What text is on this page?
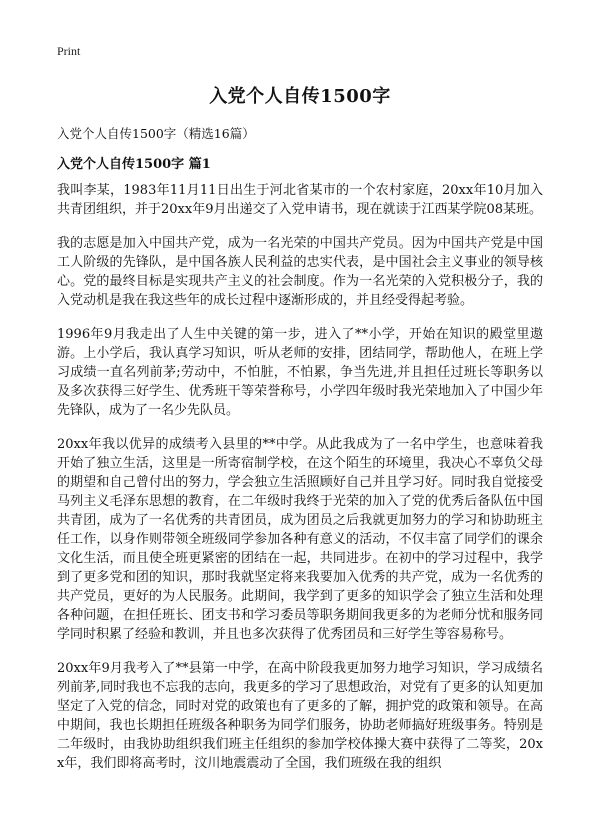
Print
入党个人自传1500字
入党个人自传1500字（精选16篇）
入党个人自传1500字 篇1

我叫李某，1983年11月11日出生于河北省某市的一个农村家庭，20xx年10月加入共青团组织，并于20xx年9月出递交了入党申请书，现在就读于江西某学院08某班。

我的志愿是加入中国共产党，成为一名光荣的中国共产党员。因为中国共产党是中国工人阶级的先锋队，是中国各族人民利益的忠实代表，是中国社会主义事业的领导核心。党的最终目标是实现共产主义的社会制度。作为一名光荣的入党积极分子，我的入党动机是我在我这些年的成长过程中逐渐形成的，并且经受得起考验。

1996年9月我走出了人生中关键的第一步，进入了**小学，开始在知识的殿堂里遨游。上小学后，我认真学习知识，听从老师的安排，团结同学，帮助他人，在班上学习成绩一直名列前茅;劳动中，不怕脏，不怕累，争当先进,并且担任过班长等职务以及多次获得三好学生、优秀班干等荣誉称号，小学四年级时我光荣地加入了中国少年先锋队，成为了一名少先队员。

20xx年我以优异的成绩考入县里的**中学。从此我成为了一名中学生，也意味着我开始了独立生活，这里是一所寄宿制学校，在这个陌生的环境里，我决心不辜负父母的期望和自己曾付出的努力，学会独立生活照顾好自己并且学习好。同时我自觉接受马列主义毛泽东思想的教育，在二年级时我终于光荣的加入了党的优秀后备队伍中国共青团，成为了一名优秀的共青团员，成为团员之后我就更加努力的学习和协助班主任工作，以身作则带领全班级同学参加各种有意义的活动，不仅丰富了同学们的课余文化生活，而且使全班更紧密的团结在一起，共同进步。在初中的学习过程中，我学到了更多党和团的知识，那时我就坚定将来我要加入优秀的共产党，成为一名优秀的共产党员，更好的为人民服务。此期间，我学到了更多的知识学会了独立生活和处理各种问题，在担任班长、团支书和学习委员等职务期间我更多的为老师分忧和服务同学同时积累了经验和教训，并且也多次获得了优秀团员和三好学生等容易称号。

20xx年9月我考入了**县第一中学，在高中阶段我更加努力地学习知识，学习成绩名列前茅,同时我也不忘我的志向，我更多的学习了思想政治，对党有了更多的认知更加坚定了入党的信念，同时对党的政策也有了更多的了解，拥护党的政策和领导。在高中期间，我也长期担任班级各种职务为同学们服务，协助老师搞好班级事务。特别是二年级时，由我协助组织我们班主任组织的参加学校体操大赛中获得了二等奖，20xx年，我们即将高考时，汶川地震震动了全国，我们班级在我的组织
